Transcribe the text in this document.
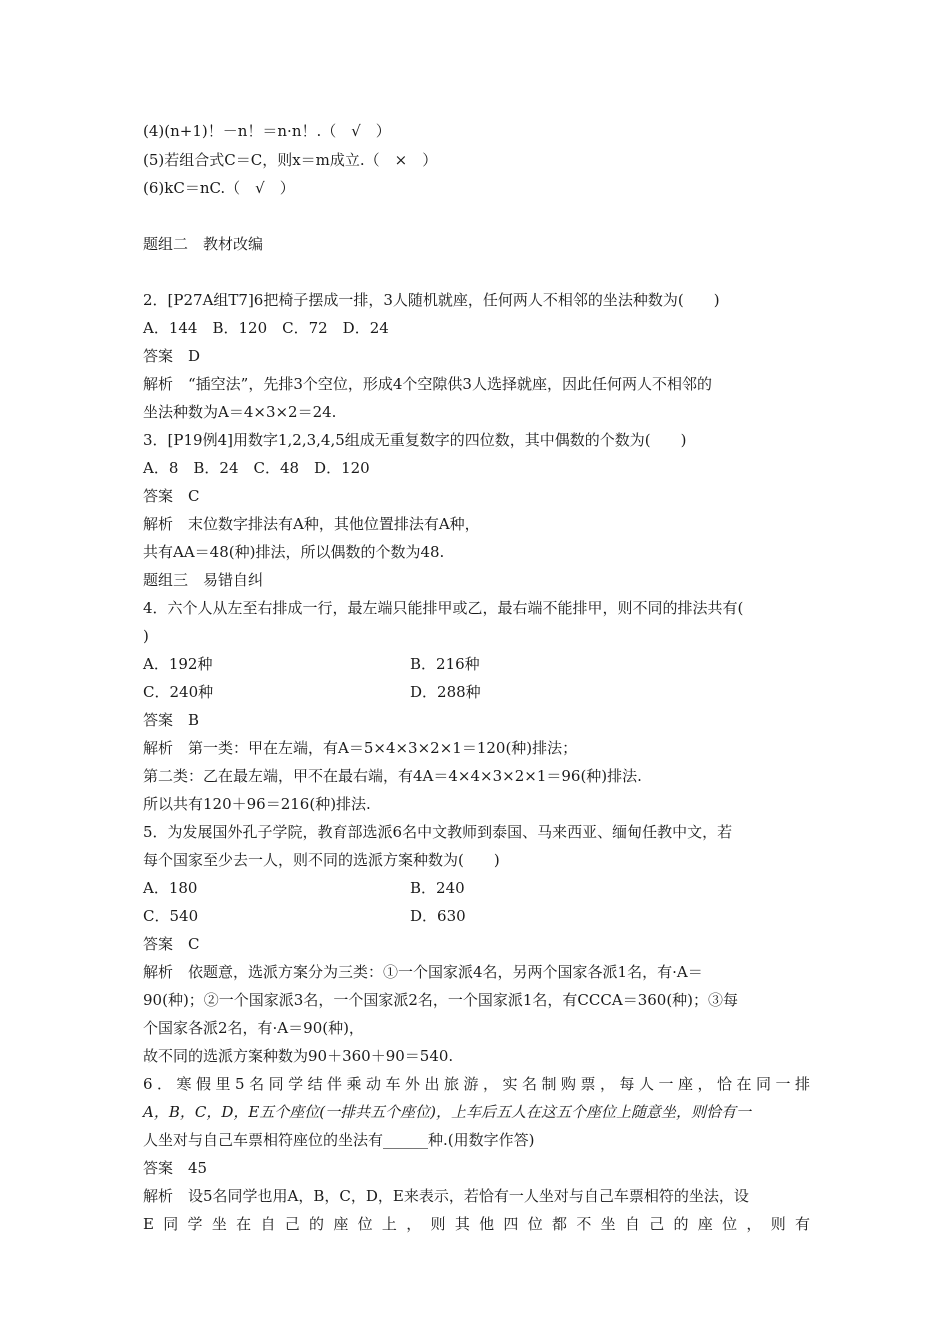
(4)(n+1)！－n！＝n·n！.（　√　）
(5)若组合式C＝C，则x＝m成立.（　×　）
(6)kC＝nC.（　√　）
题组二　教材改编
2．[P27A组T7]6把椅子摆成一排，3人随机就座，任何两人不相邻的坐法种数为(　　)
A．144　B．120　C．72　D．24
答案　D
解析　“插空法”，先排3个空位，形成4个空隙供3人选择就座，因此任何两人不相邻的
坐法种数为A＝4×3×2＝24.
3．[P19例4]用数字1,2,3,4,5组成无重复数字的四位数，其中偶数的个数为(　　)
A．8　B．24　C．48　D．120
答案　C
解析　末位数字排法有A种，其他位置排法有A种，
共有AA＝48(种)排法，所以偶数的个数为48.
题组三　易错自纠
4．六个人从左至右排成一行，最左端只能排甲或乙，最右端不能排甲，则不同的排法共有(
)
A．192种	B．216种
C．240种	D．288种
答案　B
解析　第一类：甲在左端，有A＝5×4×3×2×1＝120(种)排法；
第二类：乙在最左端，甲不在最右端，有4A＝4×4×3×2×1＝96(种)排法.
所以共有120＋96＝216(种)排法.
5．为发展国外孔子学院，教育部选派6名中文教师到泰国、马来西亚、缅甸任教中文，若
每个国家至少去一人，则不同的选派方案种数为(　　)
A．180	B．240
C．540	D．630
答案　C
解析　依题意，选派方案分为三类：①一个国家派4名，另两个国家各派1名，有·A＝
90(种)；②一个国家派3名，一个国家派2名，一个国家派1名，有CCCA＝360(种)；③每
个国家各派2名，有·A＝90(种)，
故不同的选派方案种数为90＋360＋90＝540.
6．寒假里5名同学结伴乘动车外出旅游，实名制购票，每人一座，恰在同一排
A，B，C，D，E五个座位(一排共五个座位)，上车后五人在这五个座位上随意坐，则恰有一
人坐对与自己车票相符座位的坐法有______种.(用数字作答)
答案　45
解析　设5名同学也用A，B，C，D，E来表示，若恰有一人坐对与自己车票相符的坐法，设
E同学坐在自己的座位上，则其他四位都不坐自己的座位，则有
